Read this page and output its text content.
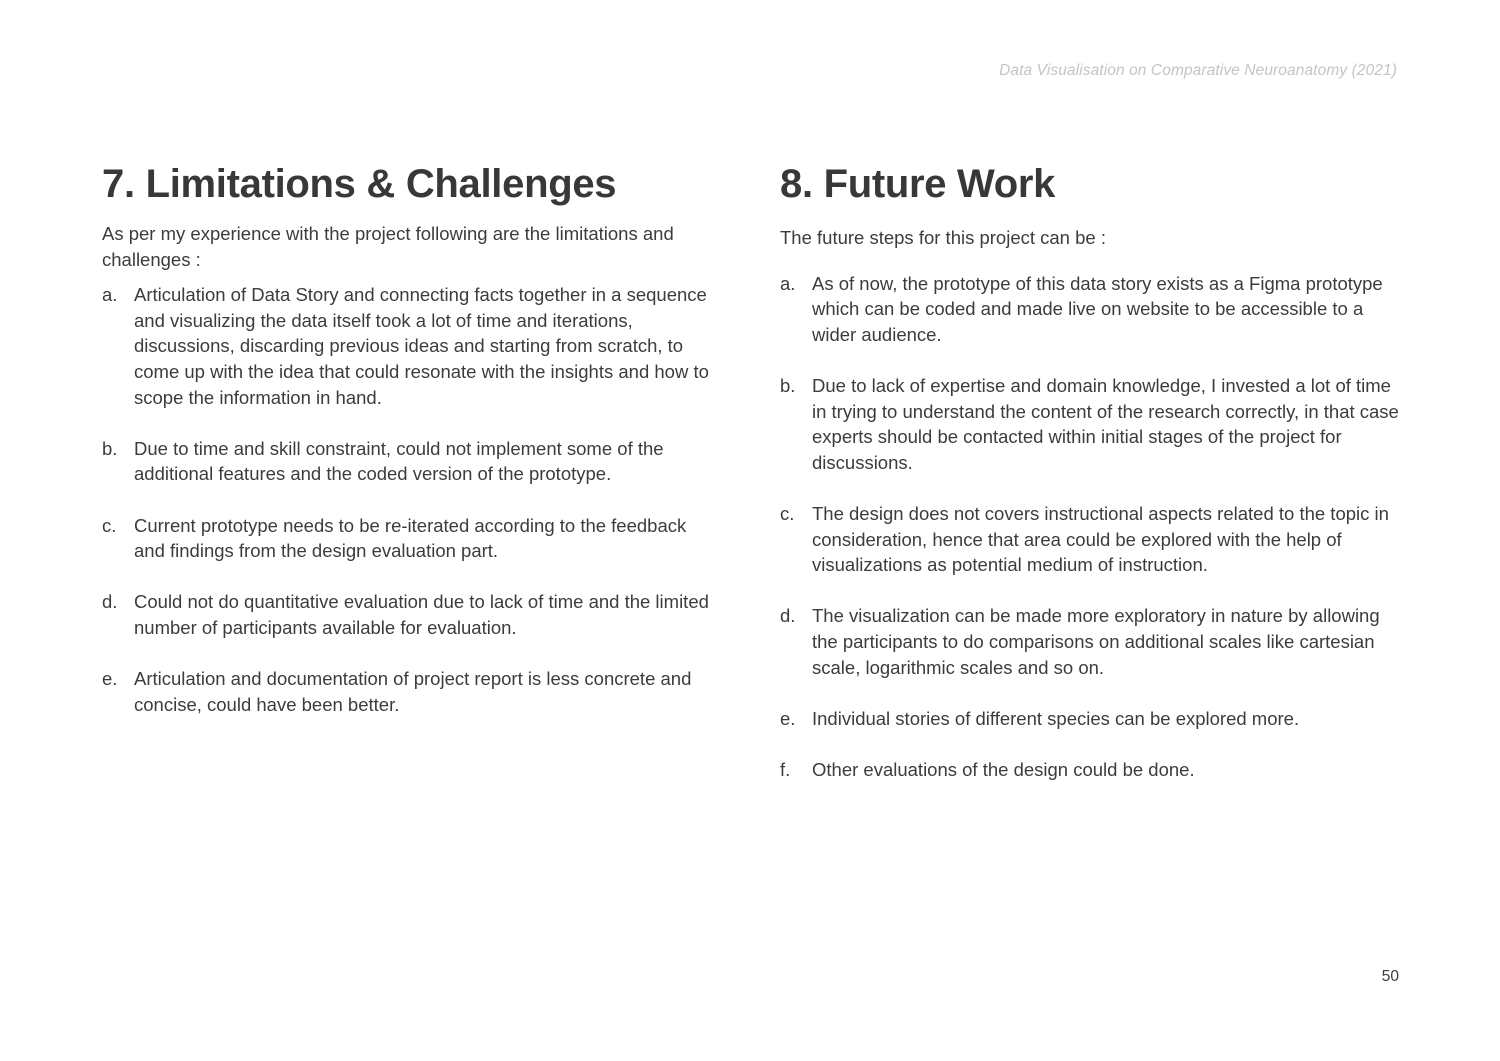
Data Visualisation on Comparative Neuroanatomy (2021)
7. Limitations & Challenges

As per my experience with the project following are the limitations and challenges :

a. Articulation of Data Story and connecting facts together in a sequence and visualizing the data itself took a lot of time and iterations, discussions, discarding previous ideas and starting from scratch, to come up with the idea that could resonate with the insights and how to scope the information in hand.
b. Due to time and skill constraint, could not implement some of the additional features and the coded version of the prototype.
c. Current prototype needs to be re-iterated according to the feedback and findings from the design evaluation part.
d. Could not do quantitative evaluation due to lack of time and the limited number of participants available for evaluation.
e. Articulation and documentation of project report is less concrete and concise, could have been better.
8. Future Work

The future steps for this project can be :

a. As of now, the prototype of this data story exists as a Figma prototype which can be coded and made live on website to be accessible to a wider audience.
b. Due to lack of expertise and domain knowledge, I invested a lot of time in trying to understand the content of the research correctly, in that case experts should be contacted within initial stages of the project for discussions.
c. The design does not covers instructional aspects related to the topic in consideration, hence that area could be explored with the help of visualizations as potential medium of instruction.
d. The visualization can be made more exploratory in nature by allowing the participants to do comparisons on additional scales like cartesian scale, logarithmic scales and so on.
e. Individual stories of different species can be explored more.
f.	Other evaluations of the design could be done.
50
